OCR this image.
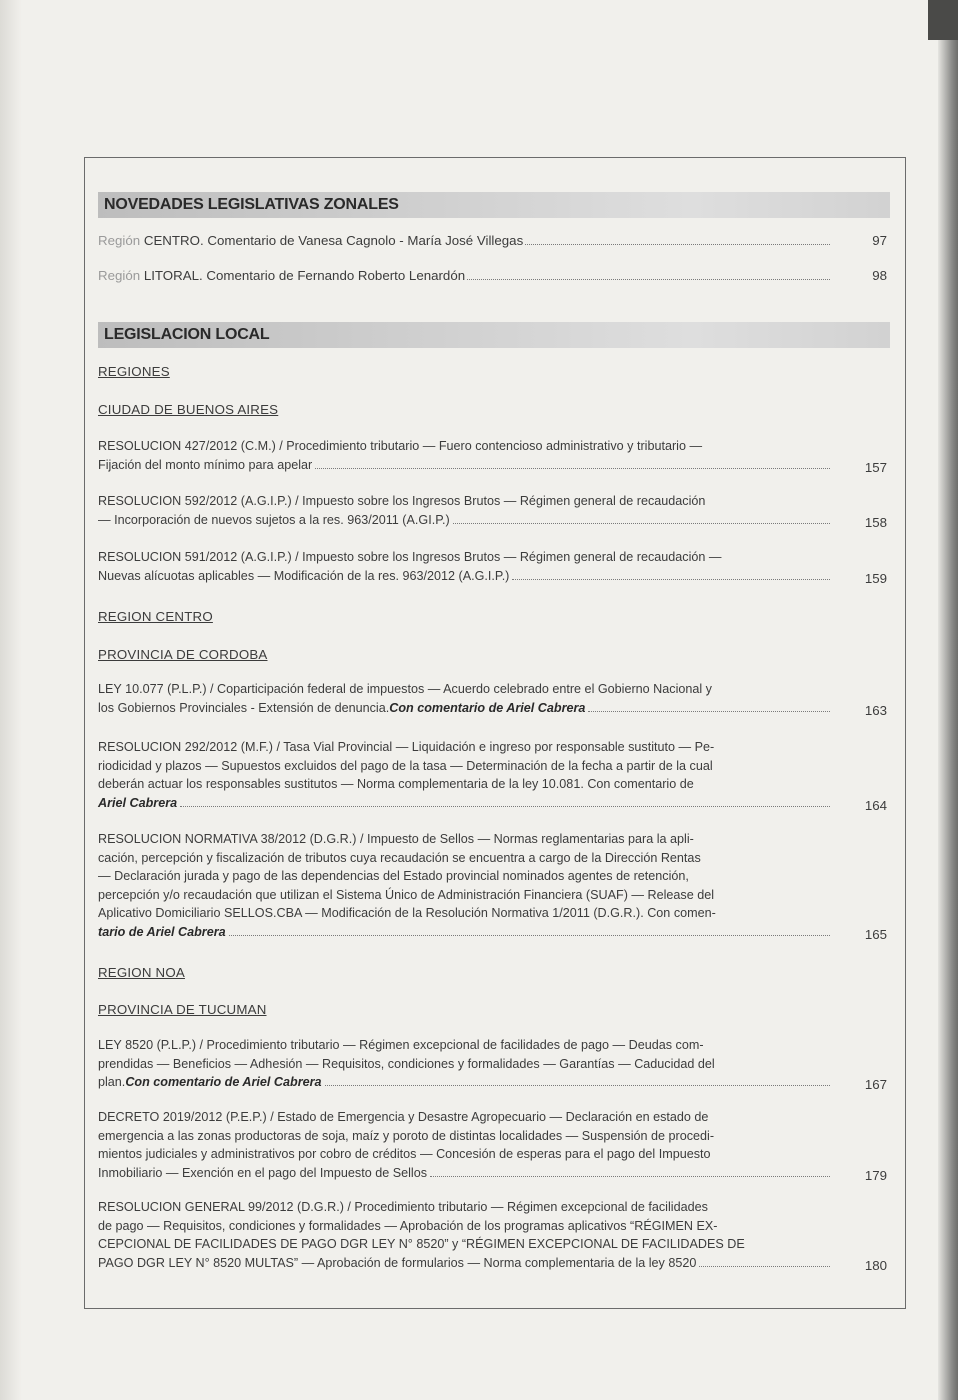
NOVEDADES LEGISLATIVAS ZONALES
Región CENTRO. Comentario de Vanesa Cagnolo - María José Villegas	97
Región LITORAL. Comentario de Fernando Roberto Lenardón	98
LEGISLACION LOCAL
REGIONES
CIUDAD DE BUENOS AIRES
RESOLUCION 427/2012 (C.M.) / Procedimiento tributario — Fuero contencioso administrativo y tributario —
Fijación del monto mínimo para apelar	157
RESOLUCION 592/2012 (A.G.I.P.) / Impuesto sobre los Ingresos Brutos — Régimen general de recaudación
— Incorporación de nuevos sujetos a la res. 963/2011 (A.GI.P.)	158
RESOLUCION 591/2012 (A.G.I.P.) / Impuesto sobre los Ingresos Brutos — Régimen general de recaudación —
Nuevas alícuotas aplicables — Modificación de la res. 963/2012 (A.G.I.P.)	159
LEY 10.077 (P.L.P.) / Coparticipación federal de impuestos — Acuerdo celebrado entre el Gobierno Nacional y
los Gobiernos Provinciales - Extensión de denuncia. Con comentario de Ariel Cabrera	163
RESOLUCION 292/2012 (M.F.) / Tasa Vial Provincial — Liquidación e ingreso por responsable sustituto — Pe-
riodicidad y plazos — Supuestos excluidos del pago de la tasa — Determinación de la fecha a partir de la cual
deberán actuar los responsables sustitutos — Norma complementaria de la ley 10.081. Con comentario de
Ariel Cabrera	164
RESOLUCION NORMATIVA 38/2012 (D.G.R.) / Impuesto de Sellos — Normas reglamentarias para la apli-
cación, percepción y fiscalización de tributos cuya recaudación se encuentra a cargo de la Dirección Rentas
— Declaración jurada y pago de las dependencias del Estado provincial nominados agentes de retención,
percepción y/o recaudación que utilizan el Sistema Único de Administración Financiera (SUAF) — Release del
Aplicativo Domiciliario SELLOS.CBA — Modificación de la Resolución Normativa 1/2011 (D.G.R.). Con comen-
tario de Ariel Cabrera	165
LEY 8520 (P.L.P.) / Procedimiento tributario — Régimen excepcional de facilidades de pago — Deudas com-
prendidas — Beneficios — Adhesión — Requisitos, condiciones y formalidades — Garantías — Caducidad del
plan. Con comentario de Ariel Cabrera	167
DECRETO 2019/2012 (P.E.P.) / Estado de Emergencia y Desastre Agropecuario — Declaración en estado de
emergencia a las zonas productoras de soja, maíz y poroto de distintas localidades — Suspensión de procedi-
mientos judiciales y administrativos por cobro de créditos — Concesión de esperas para el pago del Impuesto
Inmobiliario — Exención en el pago del Impuesto de Sellos	179
RESOLUCION GENERAL 99/2012 (D.G.R.) / Procedimiento tributario — Régimen excepcional de facilidades
de pago — Requisitos, condiciones y formalidades — Aprobación de los programas aplicativos “RÉGIMEN EX-
CEPCIONAL DE FACILIDADES DE PAGO DGR LEY N° 8520” y “RÉGIMEN EXCEPCIONAL DE FACILIDADES DE
PAGO DGR LEY N° 8520 MULTAS” — Aprobación de formularios — Norma complementaria de la ley 8520	180
REGION CENTRO
PROVINCIA DE CORDOBA
REGION NOA
PROVINCIA DE TUCUMAN
